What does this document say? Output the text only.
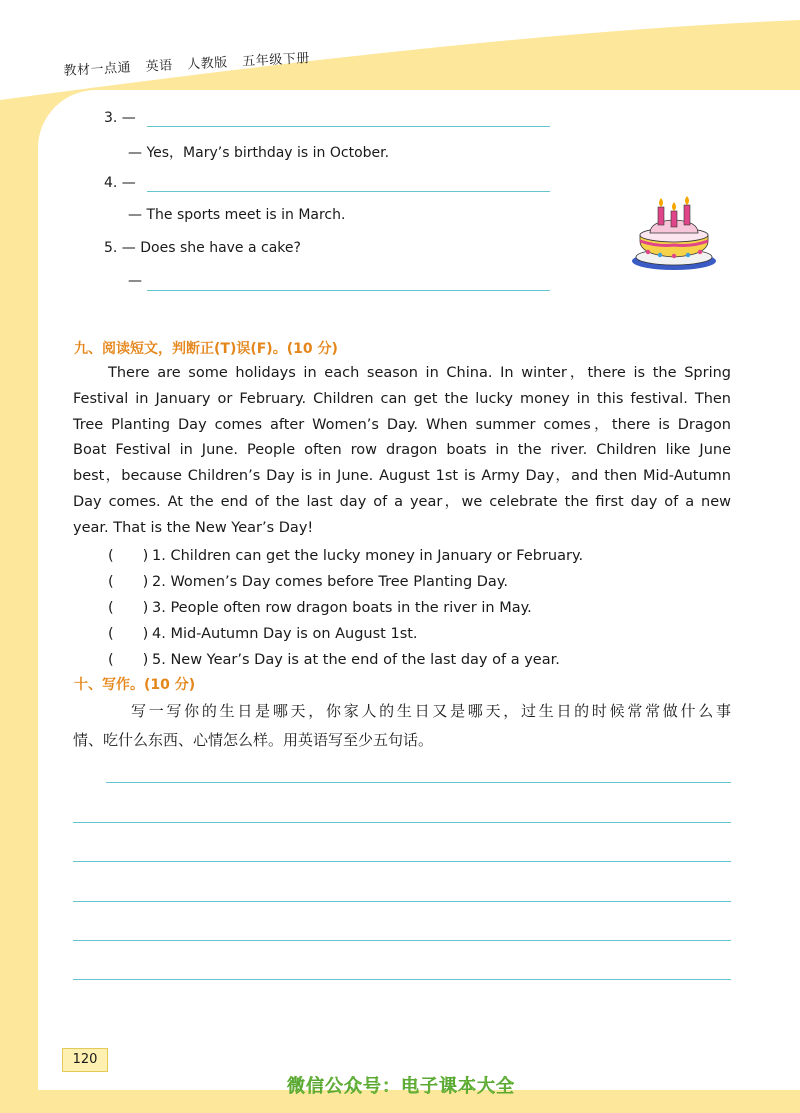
教材一点通 英语 人教版 五年级下册
3. —
— Yes，Mary’s birthday is in October.
4. —
— The sports meet is in March.
5. — Does she have a cake?
—
九、阅读短文，判断正(T)误(F)。(10 分)
There are some holidays in each season in China. In winter，there is the Spring
Festival in January or February. Children can get the lucky money in this festival. Then
Tree Planting Day comes after Women’s Day. When summer comes，there is Dragon
Boat Festival in June. People often row dragon boats in the river. Children like June
best，because Children’s Day is in June. August 1st is Army Day，and then Mid-Autumn
Day comes. At the end of the last day of a year，we celebrate the first day of a new
year. That is the New Year’s Day!
(　　) 1. Children can get the lucky money in January or February.
(　　) 2. Women’s Day comes before Tree Planting Day.
(　　) 3. People often row dragon boats in the river in May.
(　　) 4. Mid-Autumn Day is on August 1st.
(　　) 5. New Year’s Day is at the end of the last day of a year.
十、写作。(10 分)
写一写你的生日是哪天，你家人的生日又是哪天，过生日的时候常常做什么事
情、吃什么东西、心情怎么样。用英语写至少五句话。
120
微信公众号：电子课本大全
